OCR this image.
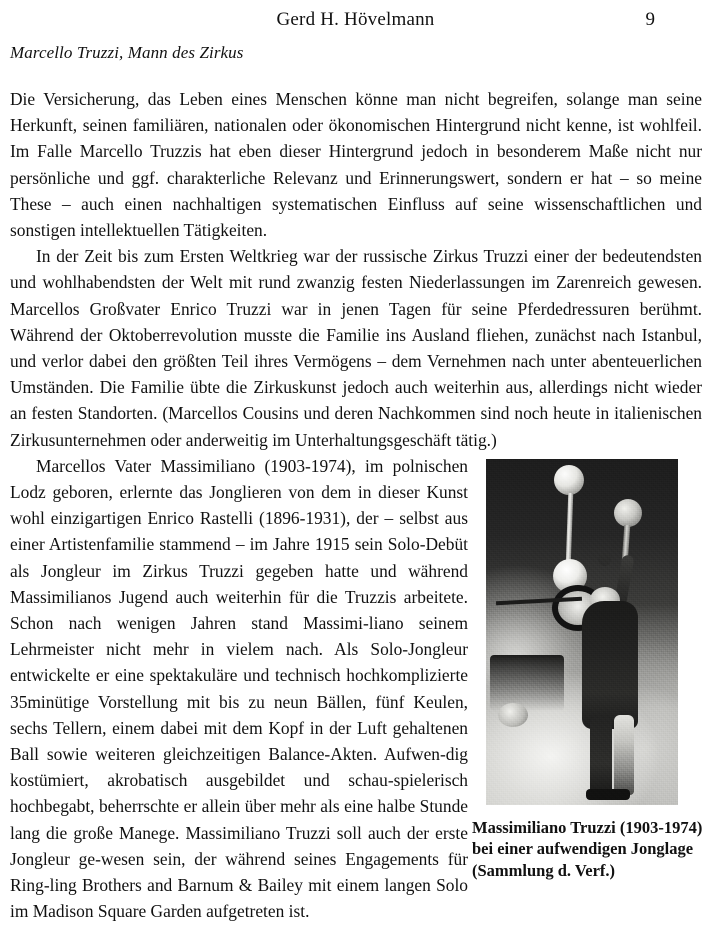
Gerd H. Hövelmann	9
Marcello Truzzi, Mann des Zirkus

Die Versicherung, das Leben eines Menschen könne man nicht begreifen, solange man seine Herkunft, seinen familiären, nationalen oder ökonomischen Hintergrund nicht kenne, ist wohlfeil. Im Falle Marcello Truzzis hat eben dieser Hintergrund jedoch in besonderem Maße nicht nur persönliche und ggf. charakterliche Relevanz und Erinnerungswert, sondern er hat – so meine These – auch einen nachhaltigen systematischen Einfluss auf seine wissenschaftlichen und sonstigen intellektuellen Tätigkeiten.

In der Zeit bis zum Ersten Weltkrieg war der russische Zirkus Truzzi einer der bedeutendsten und wohlhabendsten der Welt mit rund zwanzig festen Niederlassungen im Zarenreich gewesen. Marcellos Großvater Enrico Truzzi war in jenen Tagen für seine Pferdedressuren berühmt. Während der Oktoberrevolution musste die Familie ins Ausland fliehen, zunächst nach Istanbul, und verlor dabei den größten Teil ihres Vermögens – dem Vernehmen nach unter abenteuerlichen Umständen. Die Familie übte die Zirkuskunst jedoch auch weiterhin aus, allerdings nicht wieder an festen Standorten. (Marcellos Cousins und deren Nachkommen sind noch heute in italienischen Zirkusunternehmen oder anderweitig im Unterhaltungsgeschäft tätig.)

Massimiliano Truzzi (1903-1974)
bei einer aufwendigen Jonglage
(Sammlung d. Verf.)

Marcellos Vater Massimiliano (1903-1974), im polnischen Lodz geboren, erlernte das Jonglieren von dem in dieser Kunst wohl einzigartigen Enrico Rastelli (1896-1931), der – selbst aus einer Artistenfamilie stammend – im Jahre 1915 sein Solo-Debüt als Jongleur im Zirkus Truzzi gegeben hatte und während Massimilianos Jugend auch weiterhin für die Truzzis arbeitete. Schon nach wenigen Jahren stand Massimi-liano seinem Lehrmeister nicht mehr in vielem nach. Als Solo-Jongleur entwickelte er eine spektakuläre und technisch hochkomplizierte 35minütige Vorstellung mit bis zu neun Bällen, fünf Keulen, sechs Tellern, einem dabei mit dem Kopf in der Luft gehaltenen Ball sowie weiteren gleichzeitigen Balance-Akten. Aufwen-dig kostümiert, akrobatisch ausgebildet und schau-spielerisch hochbegabt, beherrschte er allein über mehr als eine halbe Stunde lang die große Manege. Massimiliano Truzzi soll auch der erste Jongleur ge-wesen sein, der während seines Engagements für Ring-ling Brothers and Barnum & Bailey mit einem langen Solo im Madison Square Garden aufgetreten ist.
